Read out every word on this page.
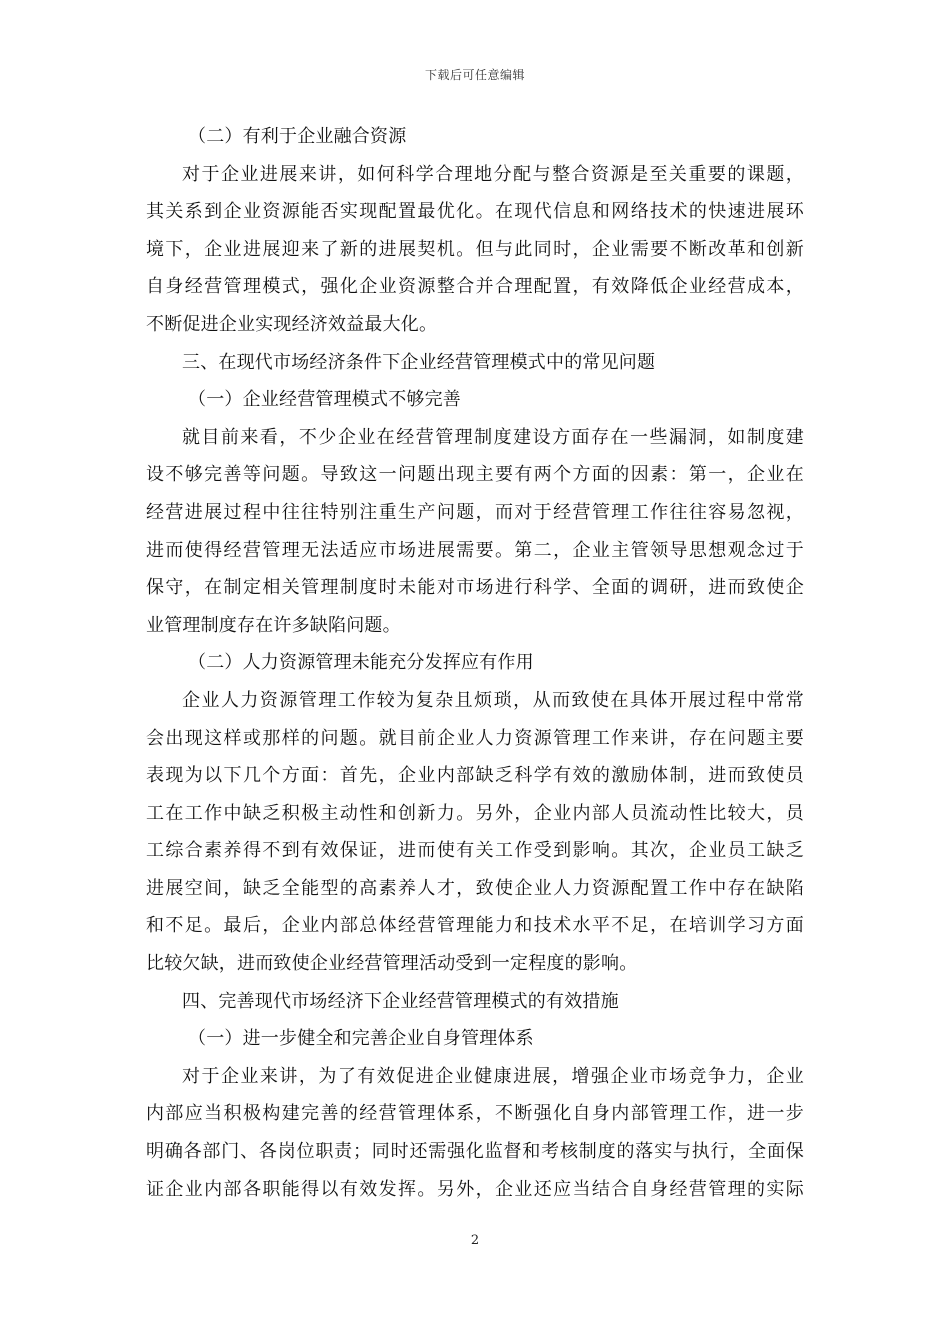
下载后可任意编辑
（二）有利于企业融合资源
对于企业进展来讲，如何科学合理地分配与整合资源是至关重要的课题，
其关系到企业资源能否实现配置最优化。在现代信息和网络技术的快速进展环
境下，企业进展迎来了新的进展契机。但与此同时，企业需要不断改革和创新
自身经营管理模式，强化企业资源整合并合理配置，有效降低企业经营成本，
不断促进企业实现经济效益最大化。
三、在现代市场经济条件下企业经营管理模式中的常见问题
（一）企业经营管理模式不够完善
就目前来看，不少企业在经营管理制度建设方面存在一些漏洞，如制度建
设不够完善等问题。导致这一问题出现主要有两个方面的因素：第一，企业在
经营进展过程中往往特别注重生产问题，而对于经营管理工作往往容易忽视，
进而使得经营管理无法适应市场进展需要。第二，企业主管领导思想观念过于
保守，在制定相关管理制度时未能对市场进行科学、全面的调研，进而致使企
业管理制度存在许多缺陷问题。
（二）人力资源管理未能充分发挥应有作用
企业人力资源管理工作较为复杂且烦琐，从而致使在具体开展过程中常常
会出现这样或那样的问题。就目前企业人力资源管理工作来讲，存在问题主要
表现为以下几个方面：首先，企业内部缺乏科学有效的激励体制，进而致使员
工在工作中缺乏积极主动性和创新力。另外，企业内部人员流动性比较大，员
工综合素养得不到有效保证，进而使有关工作受到影响。其次，企业员工缺乏
进展空间，缺乏全能型的高素养人才，致使企业人力资源配置工作中存在缺陷
和不足。最后，企业内部总体经营管理能力和技术水平不足，在培训学习方面
比较欠缺，进而致使企业经营管理活动受到一定程度的影响。
四、完善现代市场经济下企业经营管理模式的有效措施
（一）进一步健全和完善企业自身管理体系
对于企业来讲，为了有效促进企业健康进展，增强企业市场竞争力，企业
内部应当积极构建完善的经营管理体系，不断强化自身内部管理工作，进一步
明确各部门、各岗位职责；同时还需强化监督和考核制度的落实与执行，全面保
证企业内部各职能得以有效发挥。另外，企业还应当结合自身经营管理的实际
2
